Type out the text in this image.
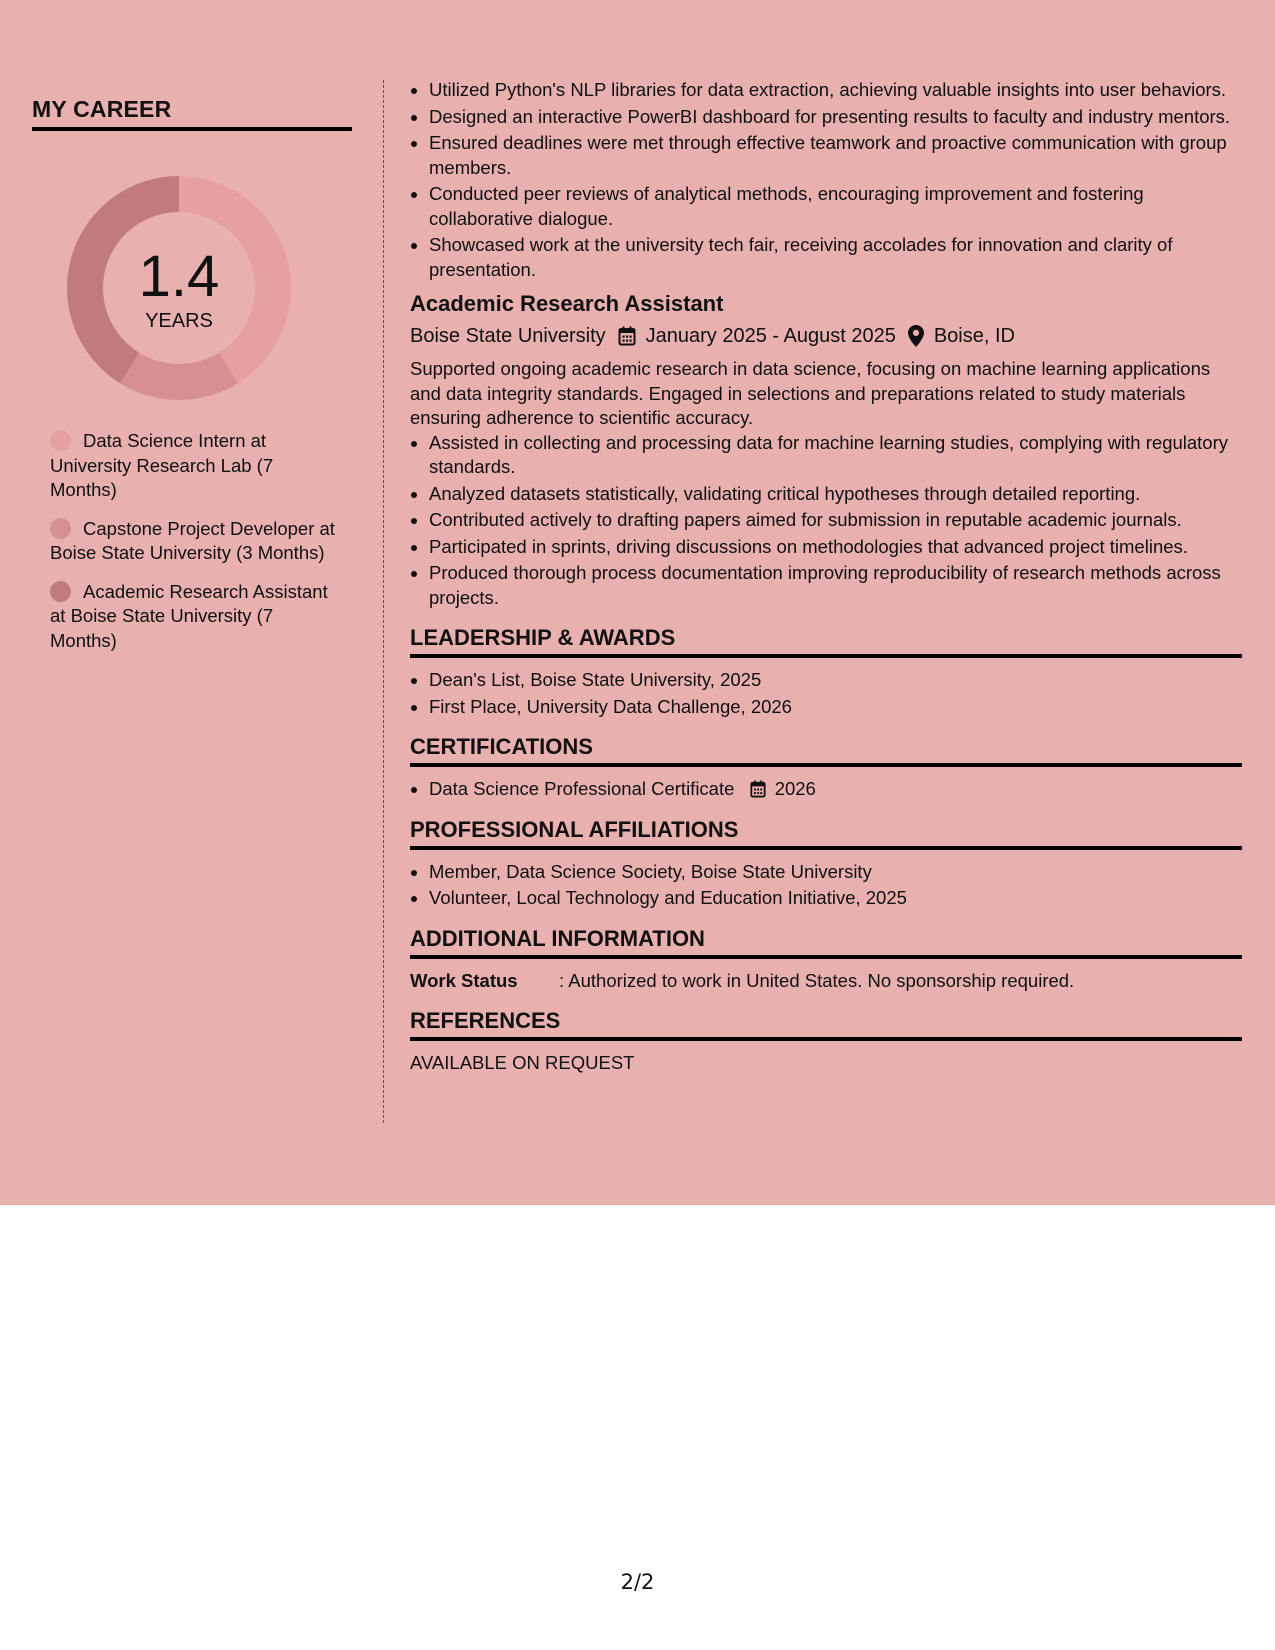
MY CAREER
1.4
YEARS
Data Science Intern at University Research Lab (7 Months)
Capstone Project Developer at Boise State University (3 Months)
Academic Research Assistant at Boise State University (7 Months)
• Utilized Python's NLP libraries for data extraction, achieving valuable insights into user behaviors.
• Designed an interactive PowerBI dashboard for presenting results to faculty and industry mentors.
• Ensured deadlines were met through effective teamwork and proactive communication with group members.
• Conducted peer reviews of analytical methods, encouraging improvement and fostering collaborative dialogue.
• Showcased work at the university tech fair, receiving accolades for innovation and clarity of presentation.
Academic Research Assistant
Boise State University January 2025 - August 2025 Boise, ID
Supported ongoing academic research in data science, focusing on machine learning applications and data integrity standards. Engaged in selections and preparations related to study materials ensuring adherence to scientific accuracy.
• Assisted in collecting and processing data for machine learning studies, complying with regulatory standards.
• Analyzed datasets statistically, validating critical hypotheses through detailed reporting.
• Contributed actively to drafting papers aimed for submission in reputable academic journals.
• Participated in sprints, driving discussions on methodologies that advanced project timelines.
• Produced thorough process documentation improving reproducibility of research methods across projects.
LEADERSHIP & AWARDS
• Dean's List, Boise State University, 2025
• First Place, University Data Challenge, 2026
CERTIFICATIONS
• Data Science Professional Certificate 2026
PROFESSIONAL AFFILIATIONS
• Member, Data Science Society, Boise State University
• Volunteer, Local Technology and Education Initiative, 2025
ADDITIONAL INFORMATION
Work Status	: Authorized to work in United States. No sponsorship required.
REFERENCES
AVAILABLE ON REQUEST
2/2
